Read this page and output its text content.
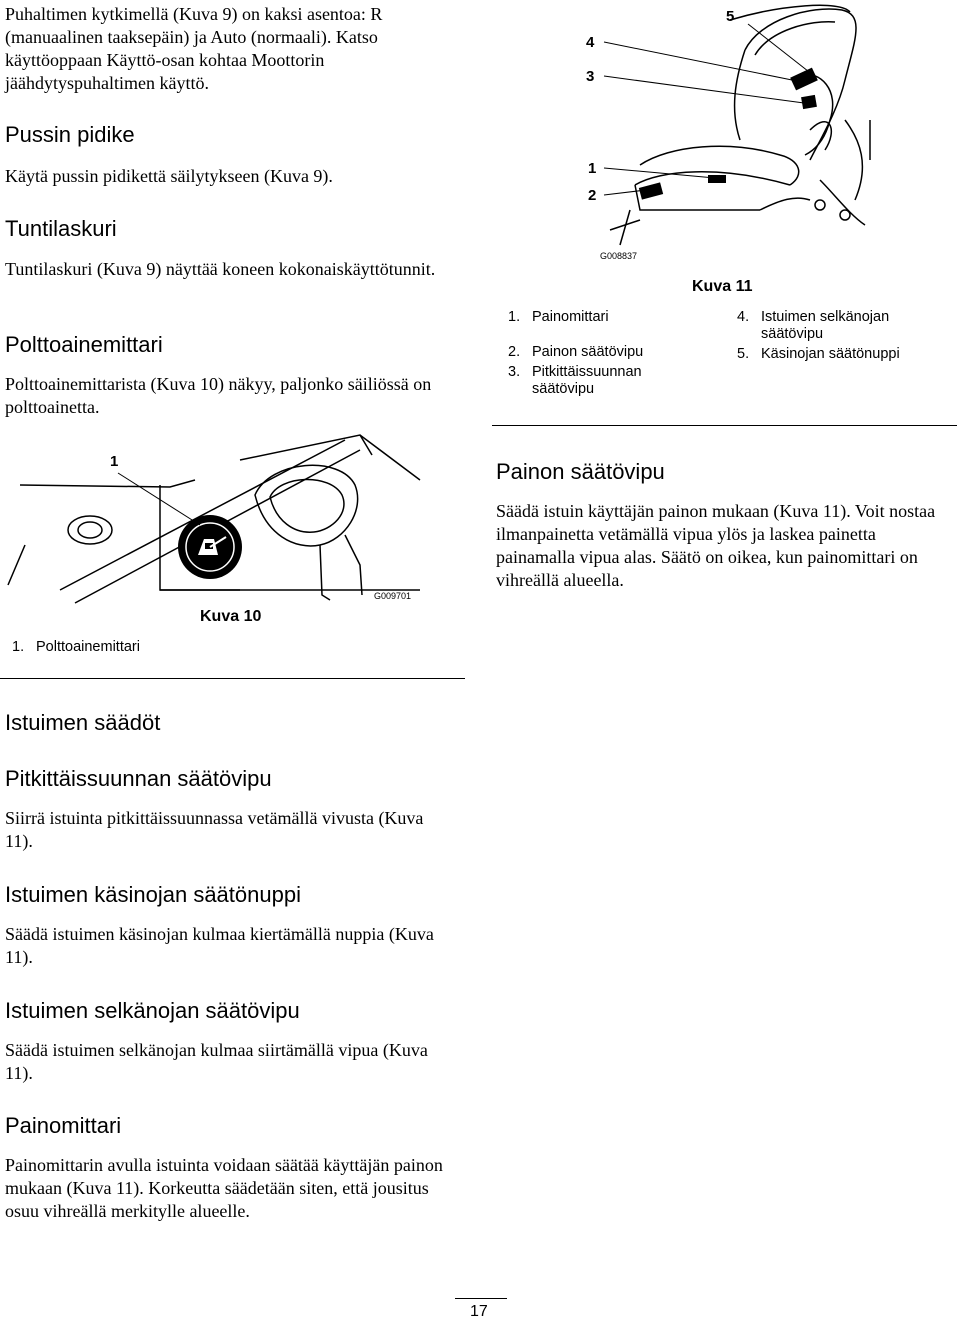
Puhaltimen kytkimellä (Kuva 9) on kaksi asentoa: R (manuaalinen taaksepäin) ja Auto (normaali). Katso käyttöoppaan Käyttö-osan kohtaa Moottorin jäähdytyspuhaltimen käyttö.

Pussin pidike

Käytä pussin pidikettä säilytykseen (Kuva 9).

Tuntilaskuri

Tuntilaskuri (Kuva 9) näyttää koneen kokonaiskäyttötunnit.

Polttoainemittari

Polttoainemittarista (Kuva 10) näkyy, paljonko säiliössä on polttoainetta.

1
G009701
Kuva 10
1. Polttoainemittari
4
3
5
1
2
G008837
Kuva 11
1. Painomittari
2. Painon säätövipu
3. Pitkittäissuunnan säätövipu
4. Istuimen selkänojan säätövipu
5. Käsinojan säätönuppi
Painon säätövipu

Säädä istuin käyttäjän painon mukaan (Kuva 11). Voit nostaa ilmanpainetta vetämällä vipua ylös ja laskea painetta painamalla vipua alas. Säätö on oikea, kun painomittari on vihreällä alueella.

Istuimen säädöt
Pitkittäissuunnan säätövipu

Siirrä istuinta pitkittäissuunnassa vetämällä vivusta (Kuva 11).

Istuimen käsinojan säätönuppi

Säädä istuimen käsinojan kulmaa kiertämällä nuppia (Kuva 11).

Istuimen selkänojan säätövipu

Säädä istuimen selkänojan kulmaa siirtämällä vipua (Kuva 11).

Painomittari

Painomittarin avulla istuinta voidaan säätää käyttäjän painon mukaan (Kuva 11). Korkeutta säädetään siten, että jousitus osuu vihreällä merkitylle alueelle.

17
